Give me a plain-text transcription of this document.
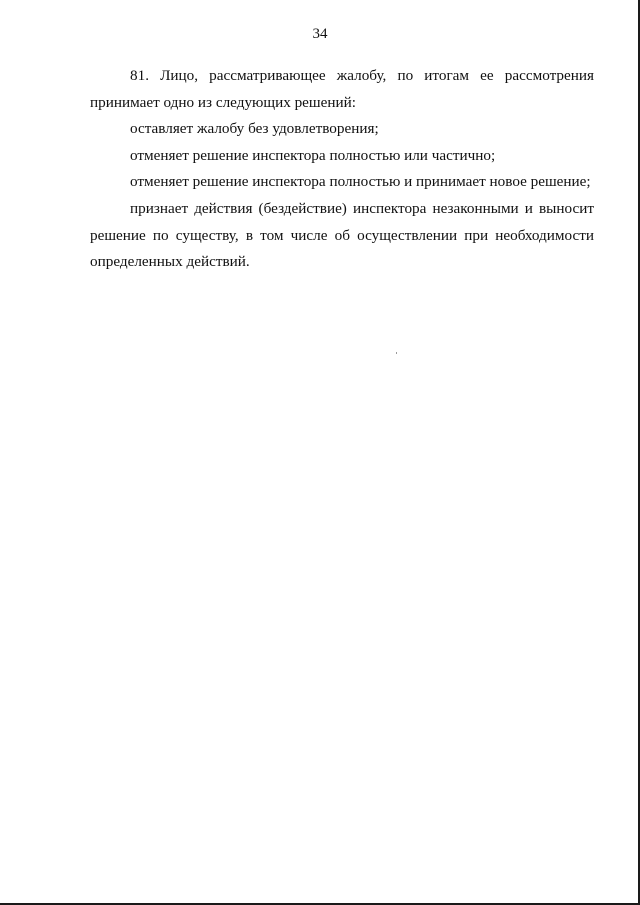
34

81. Лицо, рассматривающее жалобу, по итогам ее рассмотрения принимает одно из следующих решений:

оставляет жалобу без удовлетворения;

отменяет решение инспектора полностью или частично;

отменяет решение инспектора полностью и принимает новое решение;

признает действия (бездействие) инспектора незаконными и выносит решение по существу, в том числе об осуществлении при необходимости определенных действий.
